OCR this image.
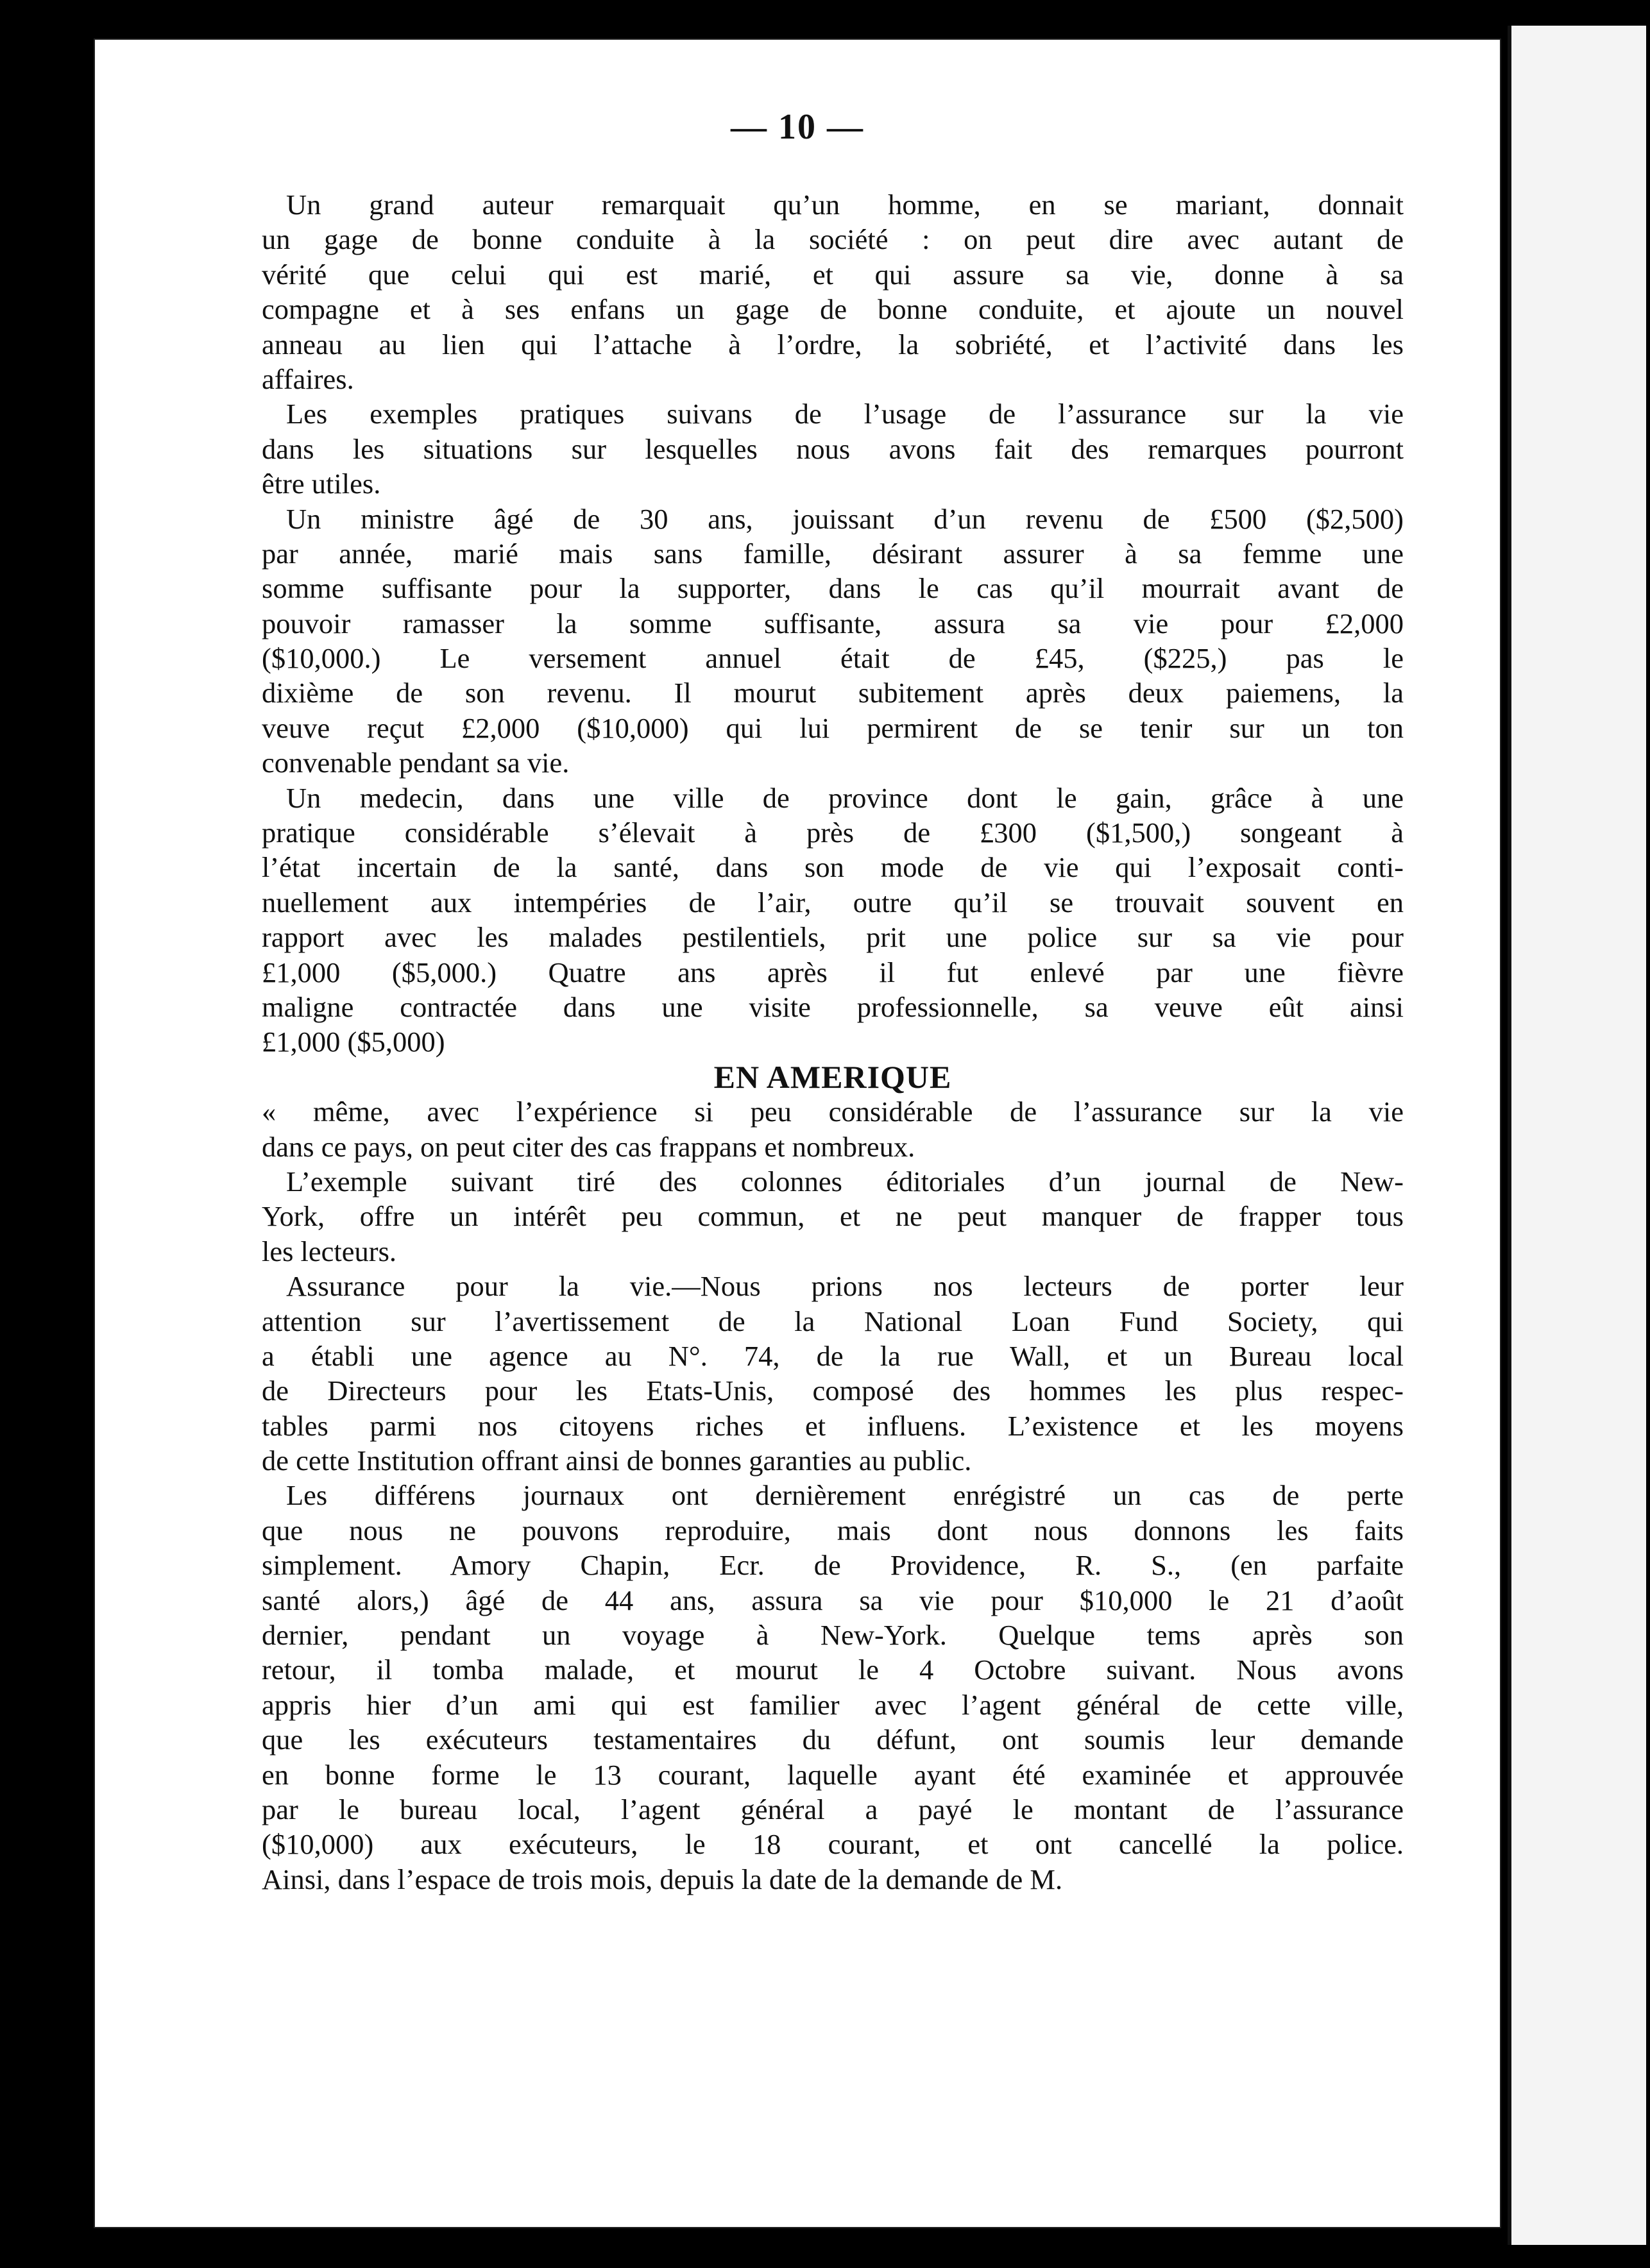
— 10 —
Un grand auteur remarquait qu’un homme, en se mariant, donnait
un gage de bonne conduite à la société : on peut dire avec autant de
vérité que celui qui est marié, et qui assure sa vie, donne à sa
compagne et à ses enfans un gage de bonne conduite, et ajoute un nouvel
anneau au lien qui l’attache à l’ordre, la sobriété, et l’activité dans les
affaires.
Les exemples pratiques suivans de l’usage de l’assurance sur la vie
dans les situations sur lesquelles nous avons fait des remarques pourront
être utiles.
Un ministre âgé de 30 ans, jouissant d’un revenu de £500 ($2,500)
par année, marié mais sans famille, désirant assurer à sa femme une
somme suffisante pour la supporter, dans le cas qu’il mourrait avant de
pouvoir ramasser la somme suffisante, assura sa vie pour £2,000
($10,000.) Le versement annuel était de £45, ($225,) pas le
dixième de son revenu. Il mourut subitement après deux paiemens, la
veuve reçut £2,000 ($10,000) qui lui permirent de se tenir sur un ton
convenable pendant sa vie.
Un medecin, dans une ville de province dont le gain, grâce à une
pratique considérable s’élevait à près de £300 ($1,500,) songeant à
l’état incertain de la santé, dans son mode de vie qui l’exposait conti-
nuellement aux intempéries de l’air, outre qu’il se trouvait souvent en
rapport avec les malades pestilentiels, prit une police sur sa vie pour
£1,000 ($5,000.) Quatre ans après il fut enlevé par une fièvre
maligne contractée dans une visite professionnelle, sa veuve eût ainsi
£1,000 ($5,000)
EN AMERIQUE
« même, avec l’expérience si peu considérable de l’assurance sur la vie
dans ce pays, on peut citer des cas frappans et nombreux.
L’exemple suivant tiré des colonnes éditoriales d’un journal de New-
York, offre un intérêt peu commun, et ne peut manquer de frapper tous
les lecteurs.
Assurance pour la vie.—Nous prions nos lecteurs de porter leur
attention sur l’avertissement de la National Loan Fund Society, qui
a établi une agence au N°. 74, de la rue Wall, et un Bureau local
de Directeurs pour les Etats-Unis, composé des hommes les plus respec-
tables parmi nos citoyens riches et influens. L’existence et les moyens
de cette Institution offrant ainsi de bonnes garanties au public.
Les différens journaux ont dernièrement enrégistré un cas de perte
que nous ne pouvons reproduire, mais dont nous donnons les faits
simplement. Amory Chapin, Ecr. de Providence, R. S., (en parfaite
santé alors,) âgé de 44 ans, assura sa vie pour $10,000 le 21 d’août
dernier, pendant un voyage à New-York. Quelque tems après son
retour, il tomba malade, et mourut le 4 Octobre suivant. Nous avons
appris hier d’un ami qui est familier avec l’agent général de cette ville,
que les exécuteurs testamentaires du défunt, ont soumis leur demande
en bonne forme le 13 courant, laquelle ayant été examinée et approuvée
par le bureau local, l’agent général a payé le montant de l’assurance
($10,000) aux exécuteurs, le 18 courant, et ont cancellé la police.
Ainsi, dans l’espace de trois mois, depuis la date de la demande de M.
